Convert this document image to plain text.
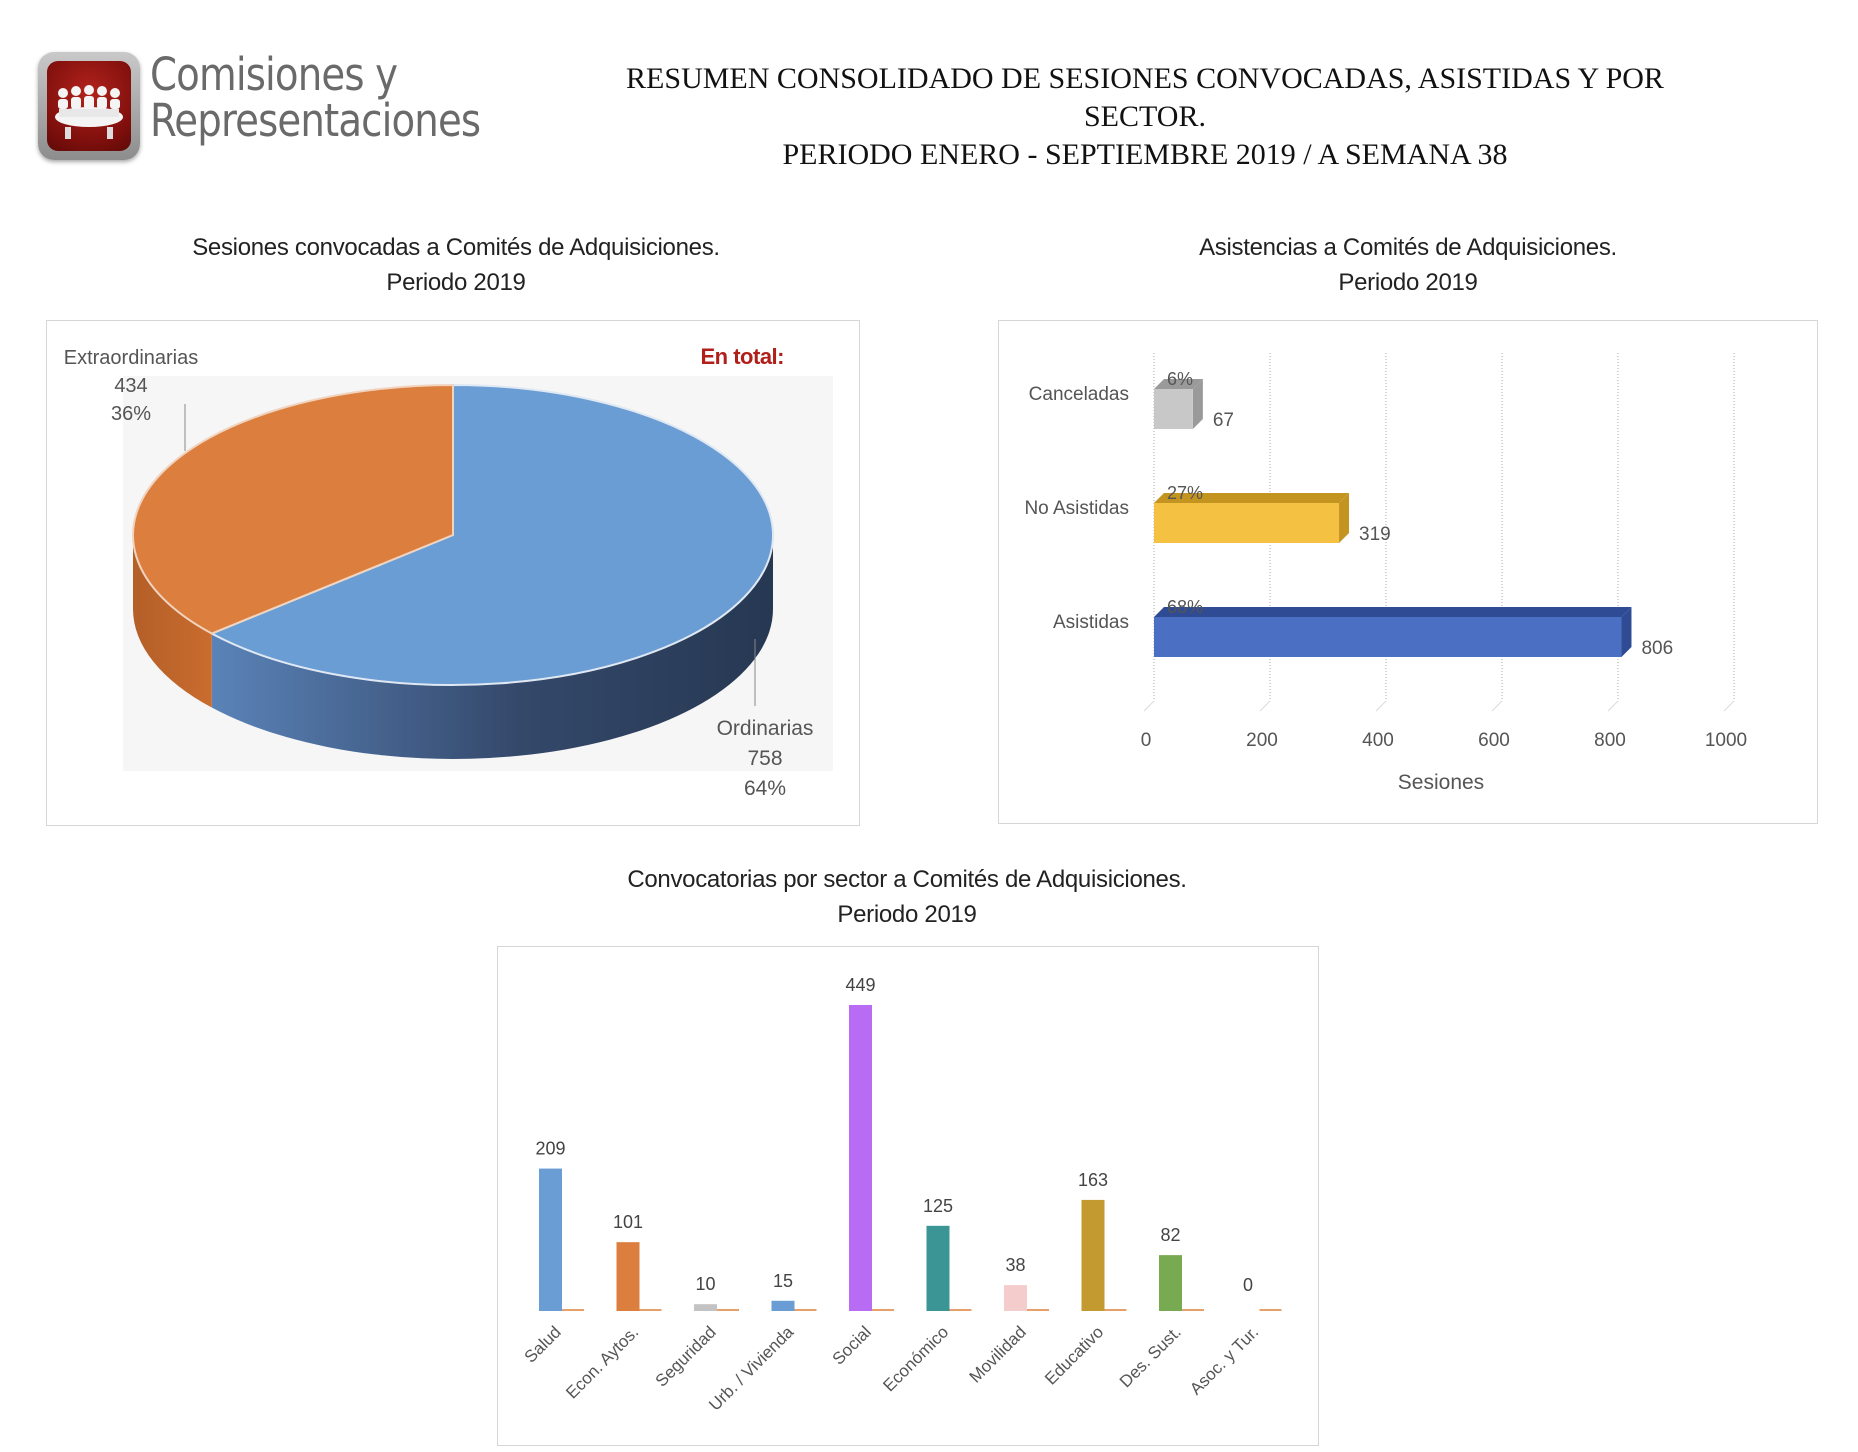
Comisiones y
Representaciones
RESUMEN CONSOLIDADO DE SESIONES CONVOCADAS, ASISTIDAS Y POR
SECTOR.
PERIODO ENERO - SEPTIEMBRE 2019 / A SEMANA 38
Sesiones convocadas a Comités de Adquisiciones.
Periodo 2019
Extraordinarias
434
36%
Ordinarias
758
64%
En total:
Asistencias a Comités de Adquisiciones.
Periodo 2019
0	200	400	600	800	1000
Canceladas
6%
67
No Asistidas
27%
319
Asistidas
68%
806
Sesiones
Convocatorias por sector a Comités de Adquisiciones.
Periodo 2019
209
Salud
101
Econ. Aytos.
10
Seguridad
15
Urb. / Vivienda
449
Social
125
Económico
38
Movilidad
163
Educativo
82
Des. Sust.
0
Asoc. y Tur.
